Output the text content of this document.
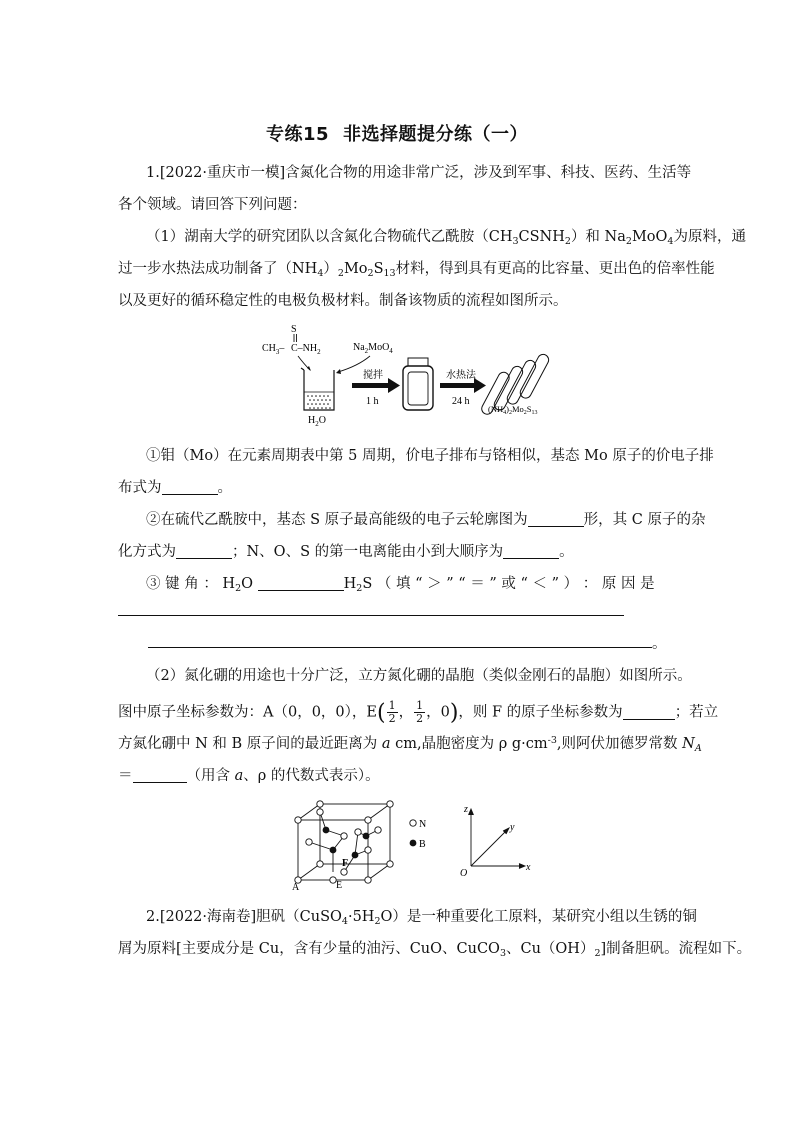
专练15 非选择题提分练（一）
1.[2022·重庆市一模]含氮化合物的用途非常广泛，涉及到军事、科技、医药、生活等
各个领域。请回答下列问题：
（1）湖南大学的研究团队以含氮化合物硫代乙酰胺$(CH_3CSNH_2)$和 $Na_2MoO_4$为原料，通
过一步水热法成功制备了$(NH_4)_2Mo_2S_{13}$材料，得到具有更高的比容量、更出色的倍率性能
以及更好的循环稳定性的电极负极材料。制备该物质的流程如图所示。
S
$CH_3-$ $C-NH_2$	$Na_2MoO_4$
$H_2O$
搅拌
1 h
水热法
24 h
$(NH_4)_2Mo_2S_{13}$
①钼（Mo）在元素周期表中第 5 周期，价电子排布与铬相似，基态 Mo 原子的价电子排
布式为	。
②在硫代乙酰胺中，基态 S 原子最高能级的电子云轮廓图为	形，其 C 原子的杂
化方式为	；N、O、S 的第一电离能由小到大顺序为	。
③ 键 角 ： $H_2O$	$H_2S$ （ 填 “ ＞ ” “ ＝ ” 或 “ ＜ ” ） ： 原 因 是
。
（2）氮化硼的用途也十分广泛，立方氮化硼的晶胞（类似金刚石的晶胞）如图所示。
图中原子坐标参数为：A（0，0，0），$E( \frac{1}{2}$ ， $\frac{1}{2}$ ，0)，则 F 的原子坐标参数为	；若立
方氮化硼中 N 和 B 原子间的最近距离为 a cm,晶胞密度为 ρ $g\cdot cm^{-3}$,则阿伏加德罗常数 $N_A$
＝	（用含 a、ρ 的代数式表示）。
A	E
F
N
B
z
y
x
O
2.[2022·海南卷]胆矾$(CuSO_4\cdot 5H_2O)$是一种重要化工原料，某研究小组以生锈的铜
屑为原料[主要成分是 Cu，含有少量的油污、CuO、CuCO$_3$、$Cu(OH)_2$]制备胆矾。流程如下。
